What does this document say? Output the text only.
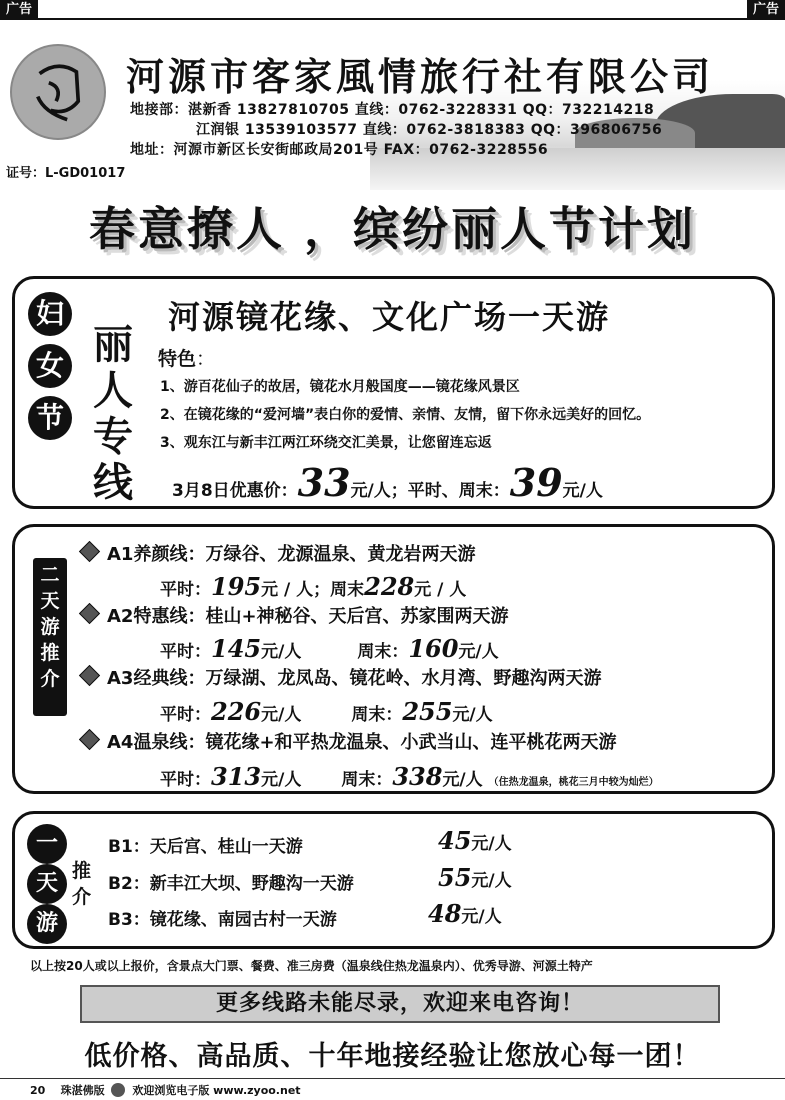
广告	广告
河源市客家風情旅行社有限公司
地接部：湛新香 13827810705 直线：0762-3228331 QQ：732214218
江润银 13539103577 直线：0762-3818383 QQ：396806756
地址：河源市新区长安街邮政局201号 FAX：0762-3228556
证号：L-GD01017
春意撩人 ，缤纷丽人节计划
妇
女
节
丽
人
专
线
河源镜花缘、文化广场一天游
特色：
1、游百花仙子的故居，镜花水月般国度——镜花缘风景区
2、在镜花缘的“爱河墙”表白你的爱情、亲情、友情，留下你永远美好的回忆。
3、观东江与新丰江两江环绕交汇美景，让您留连忘返
3月8日优惠价：33元/人；平时、周末：39元/人
二
天
游
推
介
A1养颜线：万绿谷、龙源温泉、黄龙岩两天游
平时：195元 / 人；周末228元 / 人
A2特惠线：桂山+神秘谷、天后宫、苏家围两天游
平时：145元/人	周末：160元/人
A3经典线：万绿湖、龙凤岛、镜花岭、水月湾、野趣沟两天游
平时：226元/人	周末：255元/人
A4温泉线：镜花缘+和平热龙温泉、小武当山、连平桃花两天游
平时：313元/人 周末：338元/人 （住热龙温泉，桃花三月中较为灿烂）
一
天
游
推
介
B1：天后宫、桂山一天游	45元/人
B2：新丰江大坝、野趣沟一天游	55元/人
B3：镜花缘、南园古村一天游	48元/人
以上按20人或以上报价，含景点大门票、餐费、准三房费（温泉线住热龙温泉内）、优秀导游、河源土特产
更多线路未能尽录，欢迎来电咨询！
低价格、高品质、十年地接经验让您放心每一团！
20 珠湛佛版	欢迎浏览电子版 www.zyoo.net
